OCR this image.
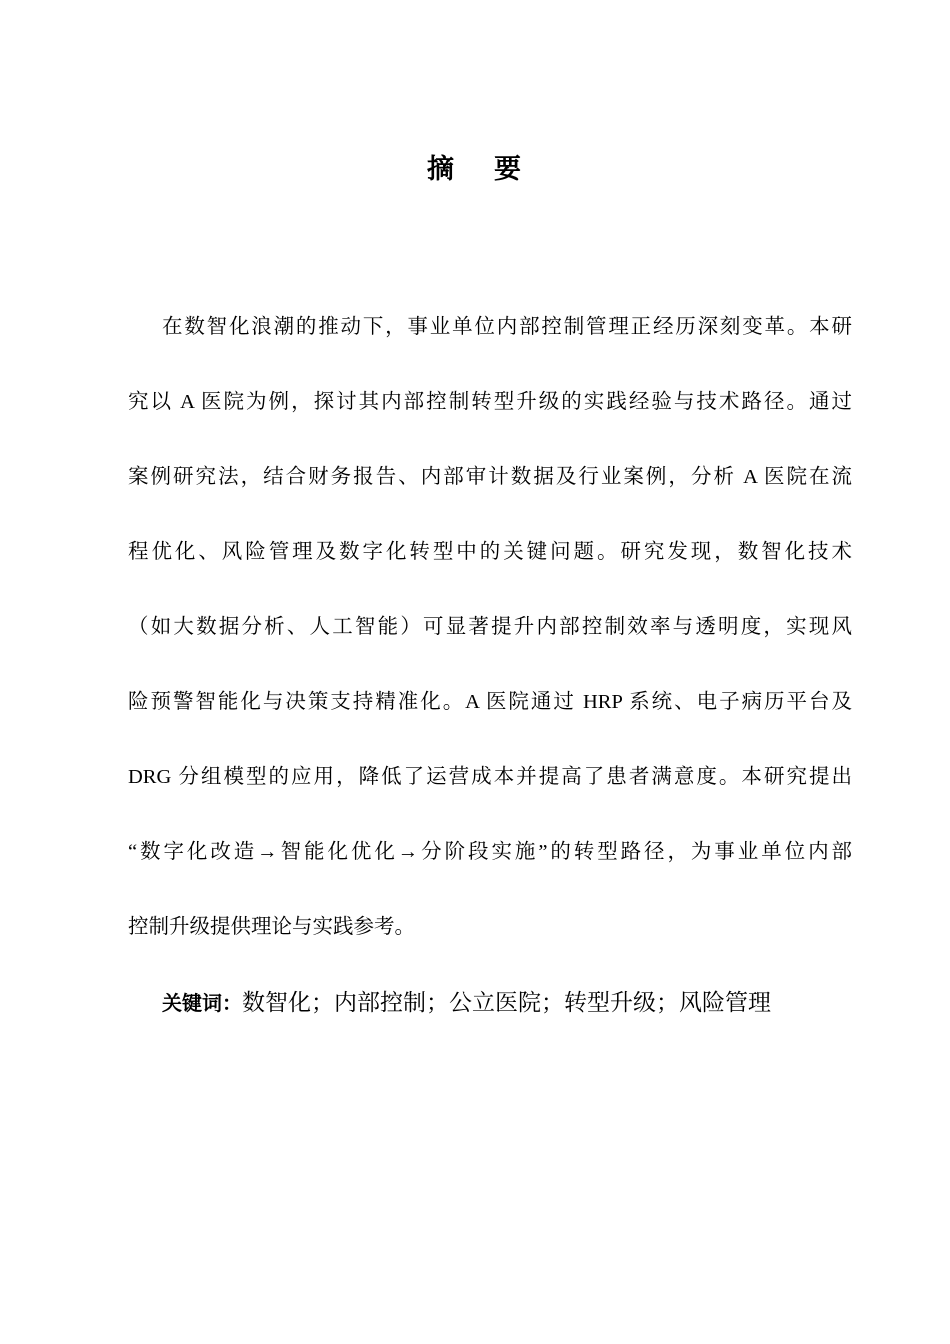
摘 要
在数智化浪潮的推动下，事业单位内部控制管理正经历深刻变革。本研
究以 A 医院为例，探讨其内部控制转型升级的实践经验与技术路径。通过
案例研究法，结合财务报告、内部审计数据及行业案例，分析 A 医院在流
程优化、风险管理及数字化转型中的关键问题。研究发现，数智化技术
（如大数据分析、人工智能）可显著提升内部控制效率与透明度，实现风
险预警智能化与决策支持精准化。A 医院通过 HRP 系统、电子病历平台及
DRG 分组模型的应用，降低了运营成本并提高了患者满意度。本研究提出
“数字化改造→智能化优化→分阶段实施”的转型路径，为事业单位内部
控制升级提供理论与实践参考。
关键词：数智化；内部控制；公立医院；转型升级；风险管理
